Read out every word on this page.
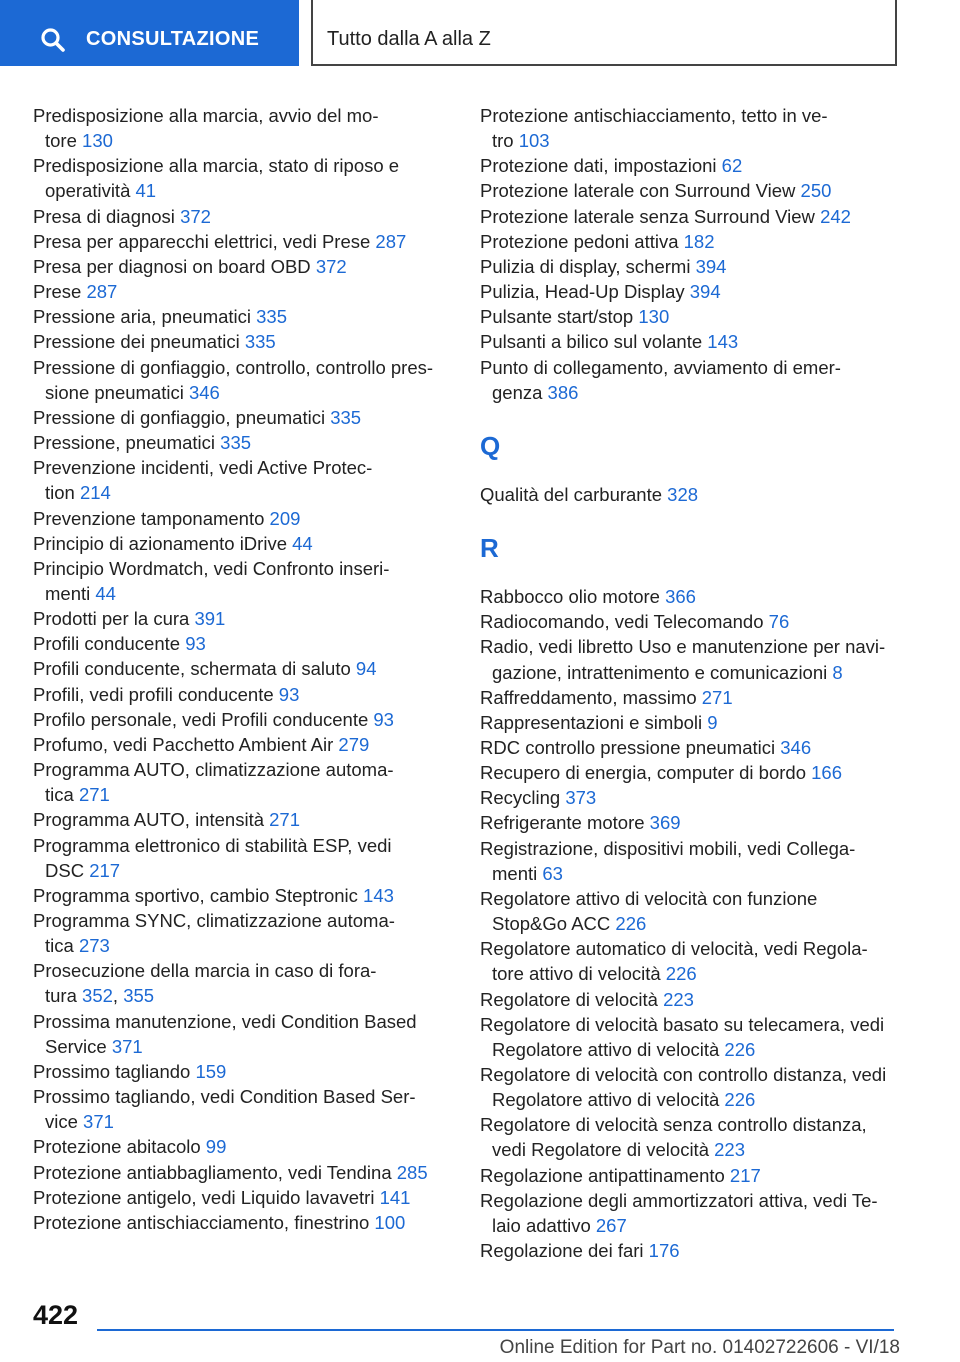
CONSULTAZIONE	Tutto dalla A alla Z
Predisposizione alla marcia, avvio del mo-
tore 130
Predisposizione alla marcia, stato di riposo e
operatività 41
Presa di diagnosi 372
Presa per apparecchi elettrici, vedi Prese 287
Presa per diagnosi on board OBD 372
Prese 287
Pressione aria, pneumatici 335
Pressione dei pneumatici 335
Pressione di gonfiaggio, controllo, controllo pres-
sione pneumatici 346
Pressione di gonfiaggio, pneumatici 335
Pressione, pneumatici 335
Prevenzione incidenti, vedi Active Protec-
tion 214
Prevenzione tamponamento 209
Principio di azionamento iDrive 44
Principio Wordmatch, vedi Confronto inseri-
menti 44
Prodotti per la cura 391
Profili conducente 93
Profili conducente, schermata di saluto 94
Profili, vedi profili conducente 93
Profilo personale, vedi Profili conducente 93
Profumo, vedi Pacchetto Ambient Air 279
Programma AUTO, climatizzazione automa-
tica 271
Programma AUTO, intensità 271
Programma elettronico di stabilità ESP, vedi
DSC 217
Programma sportivo, cambio Steptronic 143
Programma SYNC, climatizzazione automa-
tica 273
Prosecuzione della marcia in caso di fora-
tura 352, 355
Prossima manutenzione, vedi Condition Based
Service 371
Prossimo tagliando 159
Prossimo tagliando, vedi Condition Based Ser-
vice 371
Protezione abitacolo 99
Protezione antiabbagliamento, vedi Tendina 285
Protezione antigelo, vedi Liquido lavavetri 141
Protezione antischiacciamento, finestrino 100
Protezione antischiacciamento, tetto in ve-
tro 103
Protezione dati, impostazioni 62
Protezione laterale con Surround View 250
Protezione laterale senza Surround View 242
Protezione pedoni attiva 182
Pulizia di display, schermi 394
Pulizia, Head-Up Display 394
Pulsante start/stop 130
Pulsanti a bilico sul volante 143
Punto di collegamento, avviamento di emer-
genza 386
Q
Qualità del carburante 328
R
Rabbocco olio motore 366
Radiocomando, vedi Telecomando 76
Radio, vedi libretto Uso e manutenzione per navi-
gazione, intrattenimento e comunicazioni 8
Raffreddamento, massimo 271
Rappresentazioni e simboli 9
RDC controllo pressione pneumatici 346
Recupero di energia, computer di bordo 166
Recycling 373
Refrigerante motore 369
Registrazione, dispositivi mobili, vedi Collega-
menti 63
Regolatore attivo di velocità con funzione
Stop&Go ACC 226
Regolatore automatico di velocità, vedi Regola-
tore attivo di velocità 226
Regolatore di velocità 223
Regolatore di velocità basato su telecamera, vedi
Regolatore attivo di velocità 226
Regolatore di velocità con controllo distanza, vedi
Regolatore attivo di velocità 226
Regolatore di velocità senza controllo distanza,
vedi Regolatore di velocità 223
Regolazione antipattinamento 217
Regolazione degli ammortizzatori attiva, vedi Te-
laio adattivo 267
Regolazione dei fari 176
422
Online Edition for Part no. 01402722606 - VI/18
